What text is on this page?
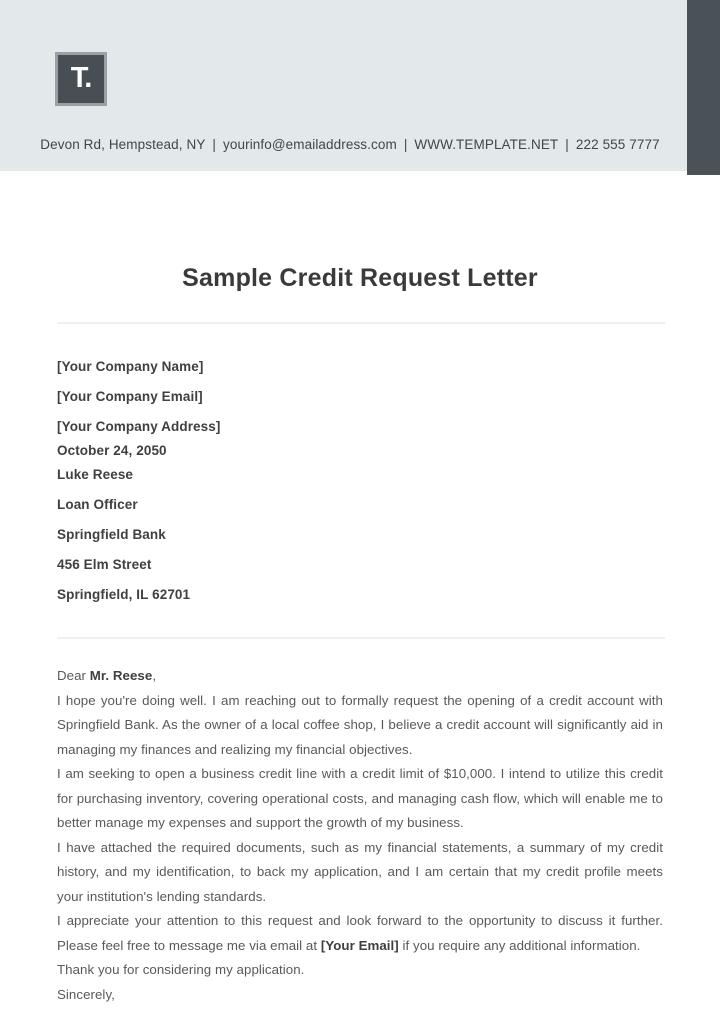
T.
Devon Rd, Hempstead, NY | yourinfo@emailaddress.com | WWW.TEMPLATE.NET | 222 555 7777
Sample Credit Request Letter
[Your Company Name]
[Your Company Email]
[Your Company Address]
October 24, 2050
Luke Reese
Loan Officer
Springfield Bank
456 Elm Street
Springfield, IL 62701

Dear Mr. Reese,

I hope you're doing well. I am reaching out to formally request the opening of a credit account with Springfield Bank. As the owner of a local coffee shop, I believe a credit account will significantly aid in managing my finances and realizing my financial objectives.

I am seeking to open a business credit line with a credit limit of $10,000. I intend to utilize this credit for purchasing inventory, covering operational costs, and managing cash flow, which will enable me to better manage my expenses and support the growth of my business.

I have attached the required documents, such as my financial statements, a summary of my credit history, and my identification, to back my application, and I am certain that my credit profile meets your institution's lending standards.

I appreciate your attention to this request and look forward to the opportunity to discuss it further. Please feel free to message me via email at [Your Email] if you require any additional information.

Thank you for considering my application.

Sincerely,
